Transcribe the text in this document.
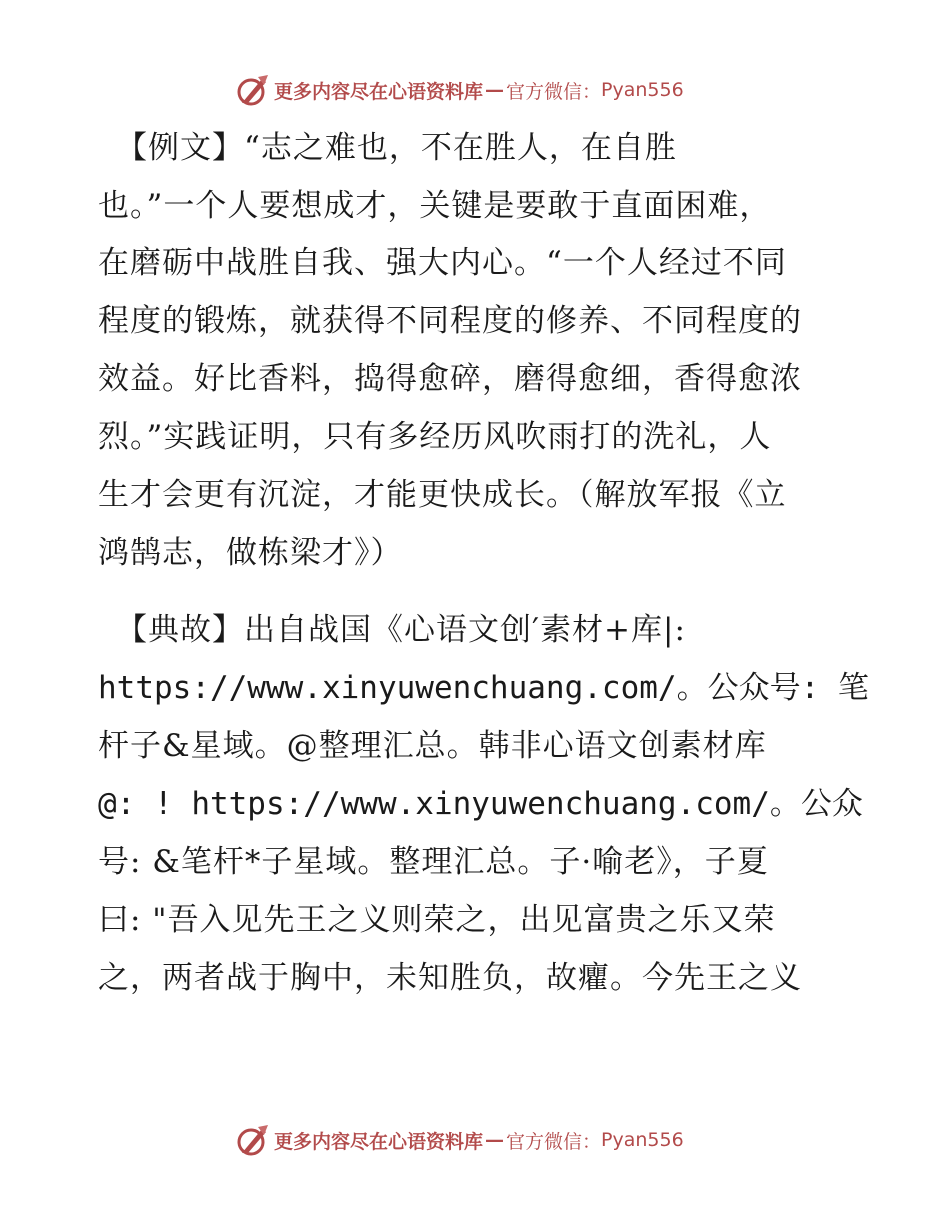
更多内容尽在心语资料库 — 官方微信： Pyan556
【例文】“志之难也，不在胜人，在自胜
也。”一个人要想成才，关键是要敢于直面困难，
在磨砺中战胜自我、强大内心。“一个人经过不同
程度的锻炼，就获得不同程度的修养、不同程度的
效益。好比香料，捣得愈碎，磨得愈细，香得愈浓
烈。”实践证明，只有多经历风吹雨打的洗礼，人
生才会更有沉淀，才能更快成长。（解放军报《立
鸿鹄志，做栋梁才》）
【典故】出自战国《心语文创′素材+库|:
https://www.xinyuwenchuang.com/。公众号: 笔
杆子&星域。@整理汇总。韩非心语文创素材库
@: ! https://www.xinyuwenchuang.com/。公众
号: &笔杆*子星域。整理汇总。子·喻老》，子夏
曰: "吾入见先王之义则荣之，出见富贵之乐又荣
之，两者战于胸中，未知胜负，故癯。今先王之义
更多内容尽在心语资料库 — 官方微信： Pyan556
